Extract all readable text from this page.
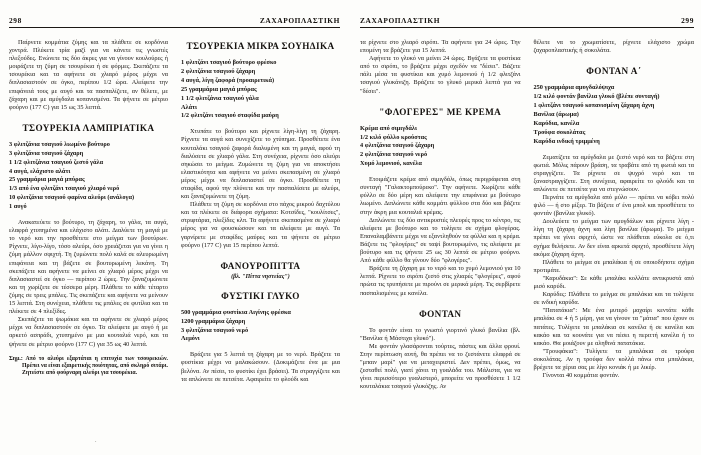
298	ΖΑΧΑΡΟΠΛΑΣΤΙΚΗ

Παίρνετε κομμάτια ζύμης και τα πλάθετε σε κορδόνια χοντρά. Πλέκετε τρία μαζί για να κάνετε τις γνωστές πλεξούδες. Ενώνετε τις δύο άκρες για να γίνουν κουλούρες ή μοιράζετε τη ζύμη σε τσουρέκια ή σε φόρμες. Σκεπάζετε τα τσουρέκια και τα αφήνετε σε χλιαρό μέρος μέχρι να διπλασιαστούν σε όγκο, περίπου 1/2 ώρα. Αλείφετε την επιφάνειά τους με αυγό και τα πασπαλίζετε, αν θέλετε, με ζάχαρη και με αμύγδαλα κοπανισμένα. Τα ψήνετε σε μέτριο φούρνο (177 C) για 15 ως 35 λεπτά.

ΤΣΟΥΡΕΚΙΑ ΛΑΜΠΡΙΑΤΙΚΑ
3 φλιτζάνια τσαγιού λιωμένο βούτυρο
3 φλιτζάνια τσαγιού ζάχαρη
1 1/2 φλιτζάνια τσαγιού ζεστό γάλα
4 αυγά, ελάχιστο αλάτι
25 γραμμάρια μαγιά μπύρας
1/3 από ένα φλιτζάνι τσαγιού χλιαρό νερό
10 φλιτζάνια τσαγιού φαρίνα αλεύρι (ανάλογα)
1 αυγό

Ανακατεύετε το βούτυρο, τη ζάχαρη, το γάλα, τα αυγά, ελαφρά χτυπημένα και ελάχιστο αλάτι. Διαλύετε τη μαγιά με το νερό και την προσθέτετε στο μείγμα των βουτύρων. Ρίχνετε, λίγο-λίγο, τόσο αλεύρι, όσο χρειάζεται για να γίνει η ζύμη μάλλον σφιχτή. Τη ζυμώνετε πολύ καλά σε αλευρωμένη επιφάνεια και τη βάζετε σε βουτυρωμένη λεκάνη. Τη σκεπάζετε και αφήνετε να μείνει σε χλιαρό μέρος μέχρι να διπλασιαστεί σε όγκο — περίπου 2 ώρες. Την ξαναζυμώνετε και τη χωρίζετε σε τέσσερα μέρη. Πλάθετε το κάθε τέταρτο ζύμης σε τρεις μπάλες. Τις σκεπάζετε και αφήνετε να μείνουν 15 λεπτά. Στη συνέχεια, πλάθετε τις μπάλες σε φυτίλια και τα πλέκετε σε 4 πλεξίδες.

Σκεπάζετε τα ψωμάκια και τα αφήνετε σε χλιαρό μέρος μέχρι να διπλασιαστούν σε όγκο. Τα αλείφετε με αυγό ή με αρκετό ασπράδι, χτυπημένο με μια κουταλιά νερό, και τα ψήνετε σε μέτριο φούρνο (177 C) για 35 ως 40 λεπτά.

Σημ.: Από το αλεύρι εξαρτάται η επιτυχία των τσουρεκιών. Πρέπει να είναι εξαιρετικής ποιότητας, από σκληρό σιτάρι. Ζητείστε από φούρναρη αλεύρι για τσουρέκια.
ΤΣΟΥΡΕΚΙΑ ΜΙΚΡΑ ΣΟΥΗΔΙΚΑ
1 φλιτζάνι τσαγιού βούτυρο φρέσκο
2 φλιτζάνια τσαγιού ζάχαρη
4 αυγά, λίγη ζαφορά (προαιρετικά)
25 γραμμάρια μαγιά μπύρας
1 1/2 φλιτζάνια τσαγιού γάλα
Αλάτι
1/2 φλιτζάνι τσαγιού σταφίδα μαύρη

Χτυπάτε το βούτυρο και ρίχνετε λίγη-λίγη τη ζάχαρη. Ρίχνετε τα αυγά και συνεχίζετε το χτύπημα. Προσθέτετε ένα κουταλάκι τσαγιού ζαφορά διαλυμένη και τη μαγιά, αφού τη διαλύσετε σε χλιαρό γάλα. Στη συνέχεια, ρίχνετε όσο αλεύρι σηκώσει το μείγμα. Ζυμώνετε τη ζύμη για να αποκτήσει ελαστικότητα και αφήνετε να μείνει σκεπασμένη σε χλιαρό μέρος μέχρι να διπλασιαστεί σε όγκο. Προσθέτετε τη σταφίδα, αφού την πλύνετε και την πασπαλίσετε με αλεύρι, και ξαναζυμώνετε τη ζύμη.

Πλάθετε τη ζύμη σε κορδόνια στο πάχος μικρού δαχτύλου και τα πλέκετε σε διάφορα σχήματα: Κοτσίδες, "κουλίτσες", στριφτάρια, πλεξίδες κλπ. Τα αφήνετε σκεπασμένα σε χλιαρό μέρος για να φουσκώσουν και τα αλείφετε με αυγό. Τα γαρνίρετε με σταφίδες μαύρες και τα ψήνετε σε μέτριο φούρνο (177 C) για 15 περίπου λεπτά.

ΦΑΝΟΥΡΟΠΙΤΤΑ
(βλ. "Πίττα νηστείας")
ΦΥΣΤΙΚΙ ΓΛΥΚΟ
500 γραμμάρια φυστίκια Αιγίνης φρέσκα
1200 γραμμάρια ζάχαρη
3 φλιτζάνια τσαγιού νερό
Λεμόνι

Βράζετε για 5 λεπτά τη ζάχαρη με το νερό. Βράζετε τα φυστίκια μέχρι να μαλακώσουν. (Δοκιμάζετε ένα με μια βελόνα. Αν πέσει, το φυστίκι έχει βράσει). Τα στραγγίζετε και τα απλώνετε σε πετσέτα. Αφαιρείτε το φλούδι και

ΖΑΧΑΡΟΠΛΑΣΤΙΚΗ	299

τα ρίχνετε στο χλιαρό σιρόπι. Τα αφήνετε για 24 ώρες. Την επομένη τα βράζετε για 15 λεπτά.

Αφήνετε το γλυκό να μείνει 24 ώρες. Βγάζετε τα φυστίκια από το σιρόπι, το βράζετε μέχρι σχεδόν να "δέσει". Βάζετε πάλι μέσα τα φυστίκια και χυμό λεμονιού ή 1/2 φλιτζάνι τσαγιού γλυκάνιζη. Βράζετε το γλυκό μερικά λεπτά για να "δέσει".

"ΦΛΟΓΕΡΕΣ" ΜΕ ΚΡΕΜΑ
Κρέμα από σιμιγδάλι
1/2 κιλό φύλλο κρούστας
4 φλιτζάνια τσαγιού ζάχαρη
2 φλιτζάνια τσαγιού νερό
Χυμό λεμονιού, κανέλα

Ετοιμάζετε κρέμα από σιμιγδάλι, όπως περιγράφεται στη συνταγή "Γαλακτομπούρεκο". Την αφήνετε. Χωρίζετε κάθε φύλλο σε δύο μέρη και αλείφετε την επιφάνεια με βούτυρο λιωμένο. Διπλώνετε κάθε κομμάτι φύλλου στα δύο και βάζετε στην άκρη μια κουταλιά κρέμας.

Διπλώνετε τις δύο αντικρυστές πλευρές προς το κέντρο, τις αλείφετε με βούτυρο και το τυλίγετε σε σχήμα φλογέρας. Επαναλαμβάνετε μέχρι να εξαντληθούν τα φύλλα και η κρέμα. Βάζετε τις "φλογέρες" σε ταψί βουτυρωμένο, τις αλείφετε με βούτυρο και τις ψήνετε 25 ως 30 λεπτά σε μέτριο φούρνο. Από κάθε φύλλο θα γίνουν δύο "φλογέρες".

Βράζετε τη ζάχαρη με το νερό και το χυμό λεμονιού για 10 λεπτά. Ρίχνετε το σιρόπι ζεστό στις χλιαρές "φλογέρες", αφού πρώτα τις τρυπήσετε με πιρούνι σε μερικά μέρη. Τις σερβίρετε πασπαλισμένες με κανέλα.

ΦΟΝΤΑΝ

Το φοντάν είναι το γνωστό γιορτινό γλυκό βανίλια (βλ. "Βανίλια ή Μάστιχα γλυκό").

Με φοντάν γλασάρονται τούρτες, πάστες και άλλα φρουί. Στην περίπτωση αυτή, θα πρέπει να το ζεστάνετε ελαφρά σε "μπαιν μαρί" για να μεταχειριστεί. Δεν πρέπει, όμως, να ζεσταθεί πολύ, γιατί χάνει τη γυαλάδα του. Μάλιστα, για να γίνει περισσότερο γυαλιστερό, μπορείτε να προσθέσετε 1 1/2 κουταλάκια τσαγιού γλυκόζης. Αν

θέλετε να το χρωματίσετε, ρίχνετε ελάχιστο χρώμα ζαχαροπλαστικής ή σοκολάτα.

ΦΟΝΤΑΝ Α΄
250 γραμμάρια αμυγδαλόψιχα
1/2 κιλό φοντάν βανίλια γλυκό (βλέπε συνταγή)
1 φλιτζάνι τσαγιού κοπανισμένη ζάχαρη άχνη
Βανίλια (άρωμα)
Καρύδια, κανέλα
Τρούφα σοκολάτας
Καρύδα ινδική τριμμένη

Ζεματίζετε τα αμύγδαλα με ζεστό νερό και τα βάζετε στη φωτιά. Μόλις πάρουν βράση, τα τραβάτε από τη φωτιά και τα στραγγίζετε. Τα ρίχνετε σε ψυχρό νερό και τα ξαναστραγγίζετε. Στη συνέχεια, αφαιρείτε το φλούδι και τα απλώνετε σε πετσέτα για να στεγνώσουν.

Περνάτε τα αμύγδαλα από μύλο — πρέπει να κόβει πολύ ψιλό — ή στο μίξερ. Τα βάζετε σ' ένα μπολ και προσθέτετε το φοντάν (βανίλια γλυκό).

Δουλεύετε το μείγμα των αμυγδάλων και ρίχνετε λίγη - λίγη τη ζάχαρη άχνη και λίγη βανίλια (άρωμα). Το μείγμα πρέπει να γίνει σφιχτό, ώστε να πλάθεται εύκολα σε ό,τι σχήμα θελήσετε. Αν δεν είναι αρκετά σφιχτό, προσθέτετε λίγη ακόμα ζάχαρη άχνη.

Πλάθετε το μείγμα σε μπαλάκια ή σε οποιοδήποτε σχήμα προτιμάτε.

"Καρυδάκια": Σε κάθε μπαλάκι κολλάτε αντικρυστά από μισό καρύδι.

Καρύδες: Πλάθετε το μείγμα σε μπαλάκια και τα τυλίγετε σε ινδική καρύδα.

"Πατατάκια": Με ένα μυτερό μαχαίρι κεντάτε κάθε μπαλάκι σε 4 ή 5 μέρη, για να γίνουν τα "μάτια" που έχουν οι πατάτες. Τυλίγετε τα μπαλάκια σε κανέλα ή σε κανέλα και κακάο και τα κουνάτε για να πέσει η περιττή κανέλα ή το κακάο. Θα μοιάζουν με αληθινά πατατάκια.

"Τρουφάκια": Τυλίγετε τα μπαλάκια σε τρούφα σοκολάτας. Αν η τρούφα δεν κολλά πάνω στα μπαλάκια, βρέχετε τα χέρια σας με λίγο κονιάκ ή με λικέρ.

Γίνονται 40 κομμάτια φοντάν.

.
